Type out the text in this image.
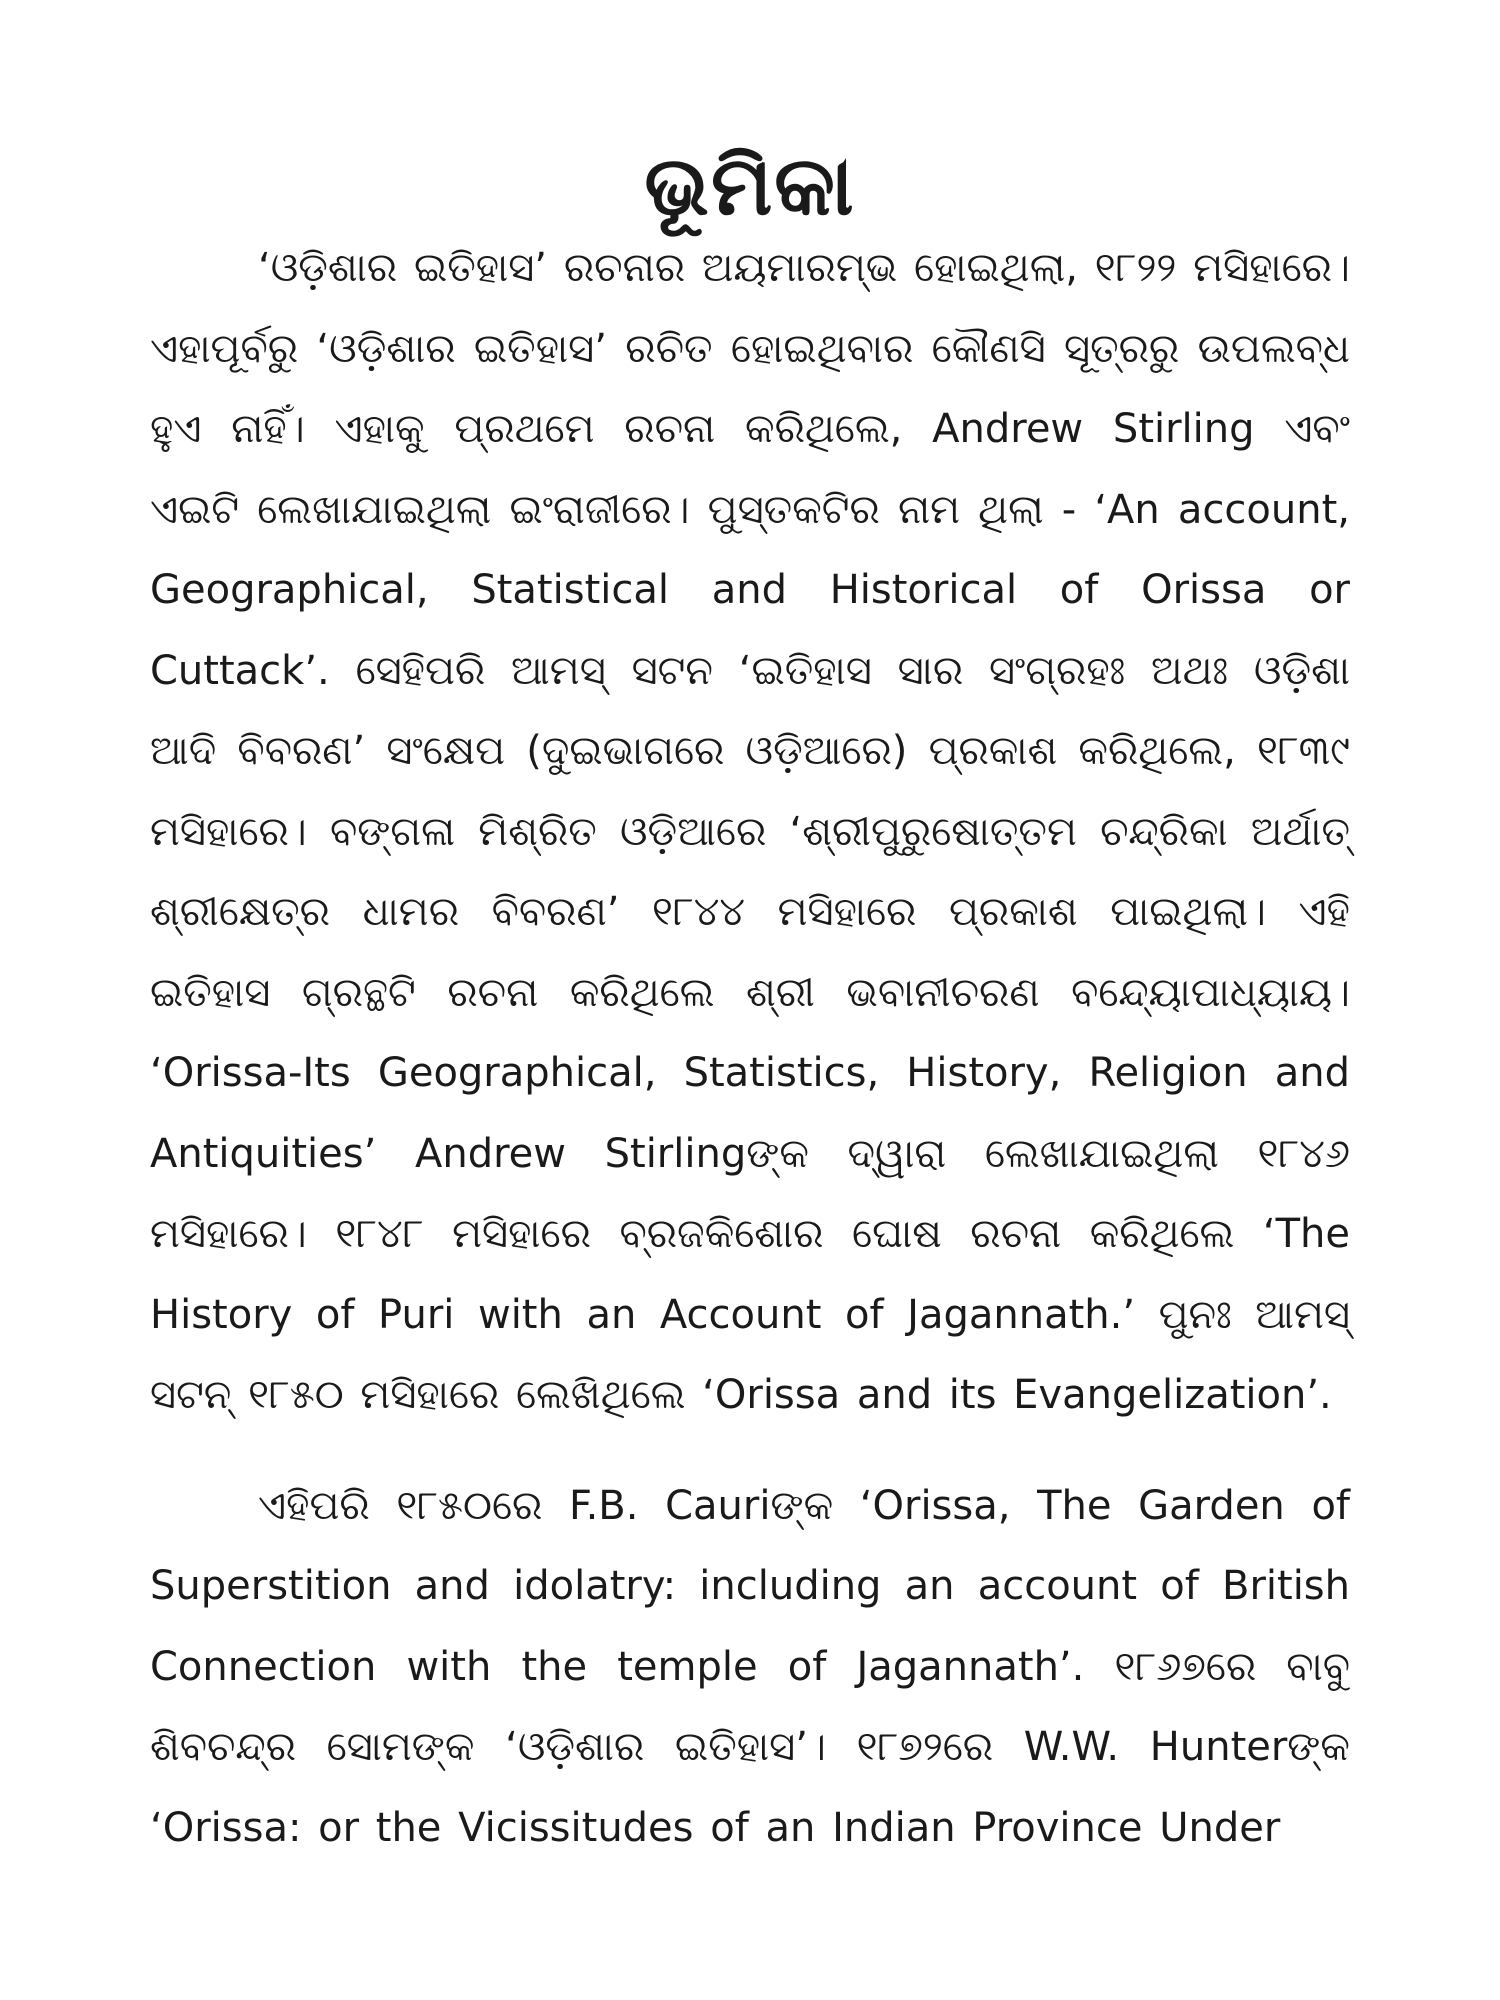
ଭୂମିକା

‘ଓଡ଼ିଶାର ଇତିହାସ’ ରଚନାର ଅୟମାରମ୍ଭ ହୋଇଥିଲା, ୧୮୨୨ ମସିହାରେ। ଏହାପୂର୍ବରୁ ‘ଓଡ଼ିଶାର ଇତିହାସ’ ରଚିତ ହୋଇଥିବାର କୌଣସି ସୂତ୍ରରୁ ଉପଲବ୍ଧ ହୁଏ ନାହିଁ। ଏହାକୁ ପ୍ରଥମେ ରଚନା କରିଥିଲେ, Andrew Stirling ଏବଂ ଏଇଟି ଲେଖାଯାଇଥିଲା ଇଂରାଜୀରେ। ପୁସ୍ତକଟିର ନାମ ଥିଲା - ‘An account, Geographical, Statistical and Historical of Orissa or Cuttack’. ସେହିପରି ଆମସ୍ ସଟନ ‘ଇତିହାସ ସାର ସଂଗ୍ରହଃ ଅଥଃ ଓଡ଼ିଶା ଆଦି ବିବରଣ’ ସଂକ୍ଷେପ (ଦୁଇଭାଗରେ ଓଡ଼ିଆରେ) ପ୍ରକାଶ କରିଥିଲେ, ୧୮୩୯ ମସିହାରେ। ବଙ୍ଗଳା ମିଶ୍ରିତ ଓଡ଼ିଆରେ ‘ଶ୍ରୀପୁରୁଷୋତ୍ତମ ଚନ୍ଦ୍ରିକା ଅର୍ଥାତ୍ ଶ୍ରୀକ୍ଷେତ୍ର ଧାମର ବିବରଣ’ ୧୮୪୪ ମସିହାରେ ପ୍ରକାଶ ପାଇଥିଲା। ଏହି ଇତିହାସ ଗ୍ରନ୍ଥଟି ରଚନା କରିଥିଲେ ଶ୍ରୀ ଭବାନୀଚରଣ ବନ୍ଦ୍ୟୋପାଧ୍ୟାୟ। ‘Orissa-Its Geographical, Statistics, History, Religion and Antiquities’ Andrew Stirlingଙ୍କ ଦ୍ୱାରା ଲେଖାଯାଇଥିଲା ୧୮୪୬ ମସିହାରେ। ୧୮୪୮ ମସିହାରେ ବ୍ରଜକିଶୋର ଘୋଷ ରଚନା କରିଥିଲେ ‘The History of Puri with an Account of Jagannath.’ ପୁନଃ ଆମସ୍ ସଟନ୍ ୧୮୫୦ ମସିହାରେ ଲେଖିଥିଲେ ‘Orissa and its Evangelization’.

ଏହିପରି ୧୮୫୦ରେ F.B. Cauriଙ୍କ ‘Orissa, The Garden of Superstition and idolatry: including an account of British Connection with the temple of Jagannath’. ୧୮୬୭ରେ ବାବୁ ଶିବଚନ୍ଦ୍ର ସୋମଙ୍କ ‘ଓଡ଼ିଶାର ଇତିହାସ’। ୧୮୭୨ରେ W.W. Hunterଙ୍କ ‘Orissa: or the Vicissitudes of an Indian Province Under
